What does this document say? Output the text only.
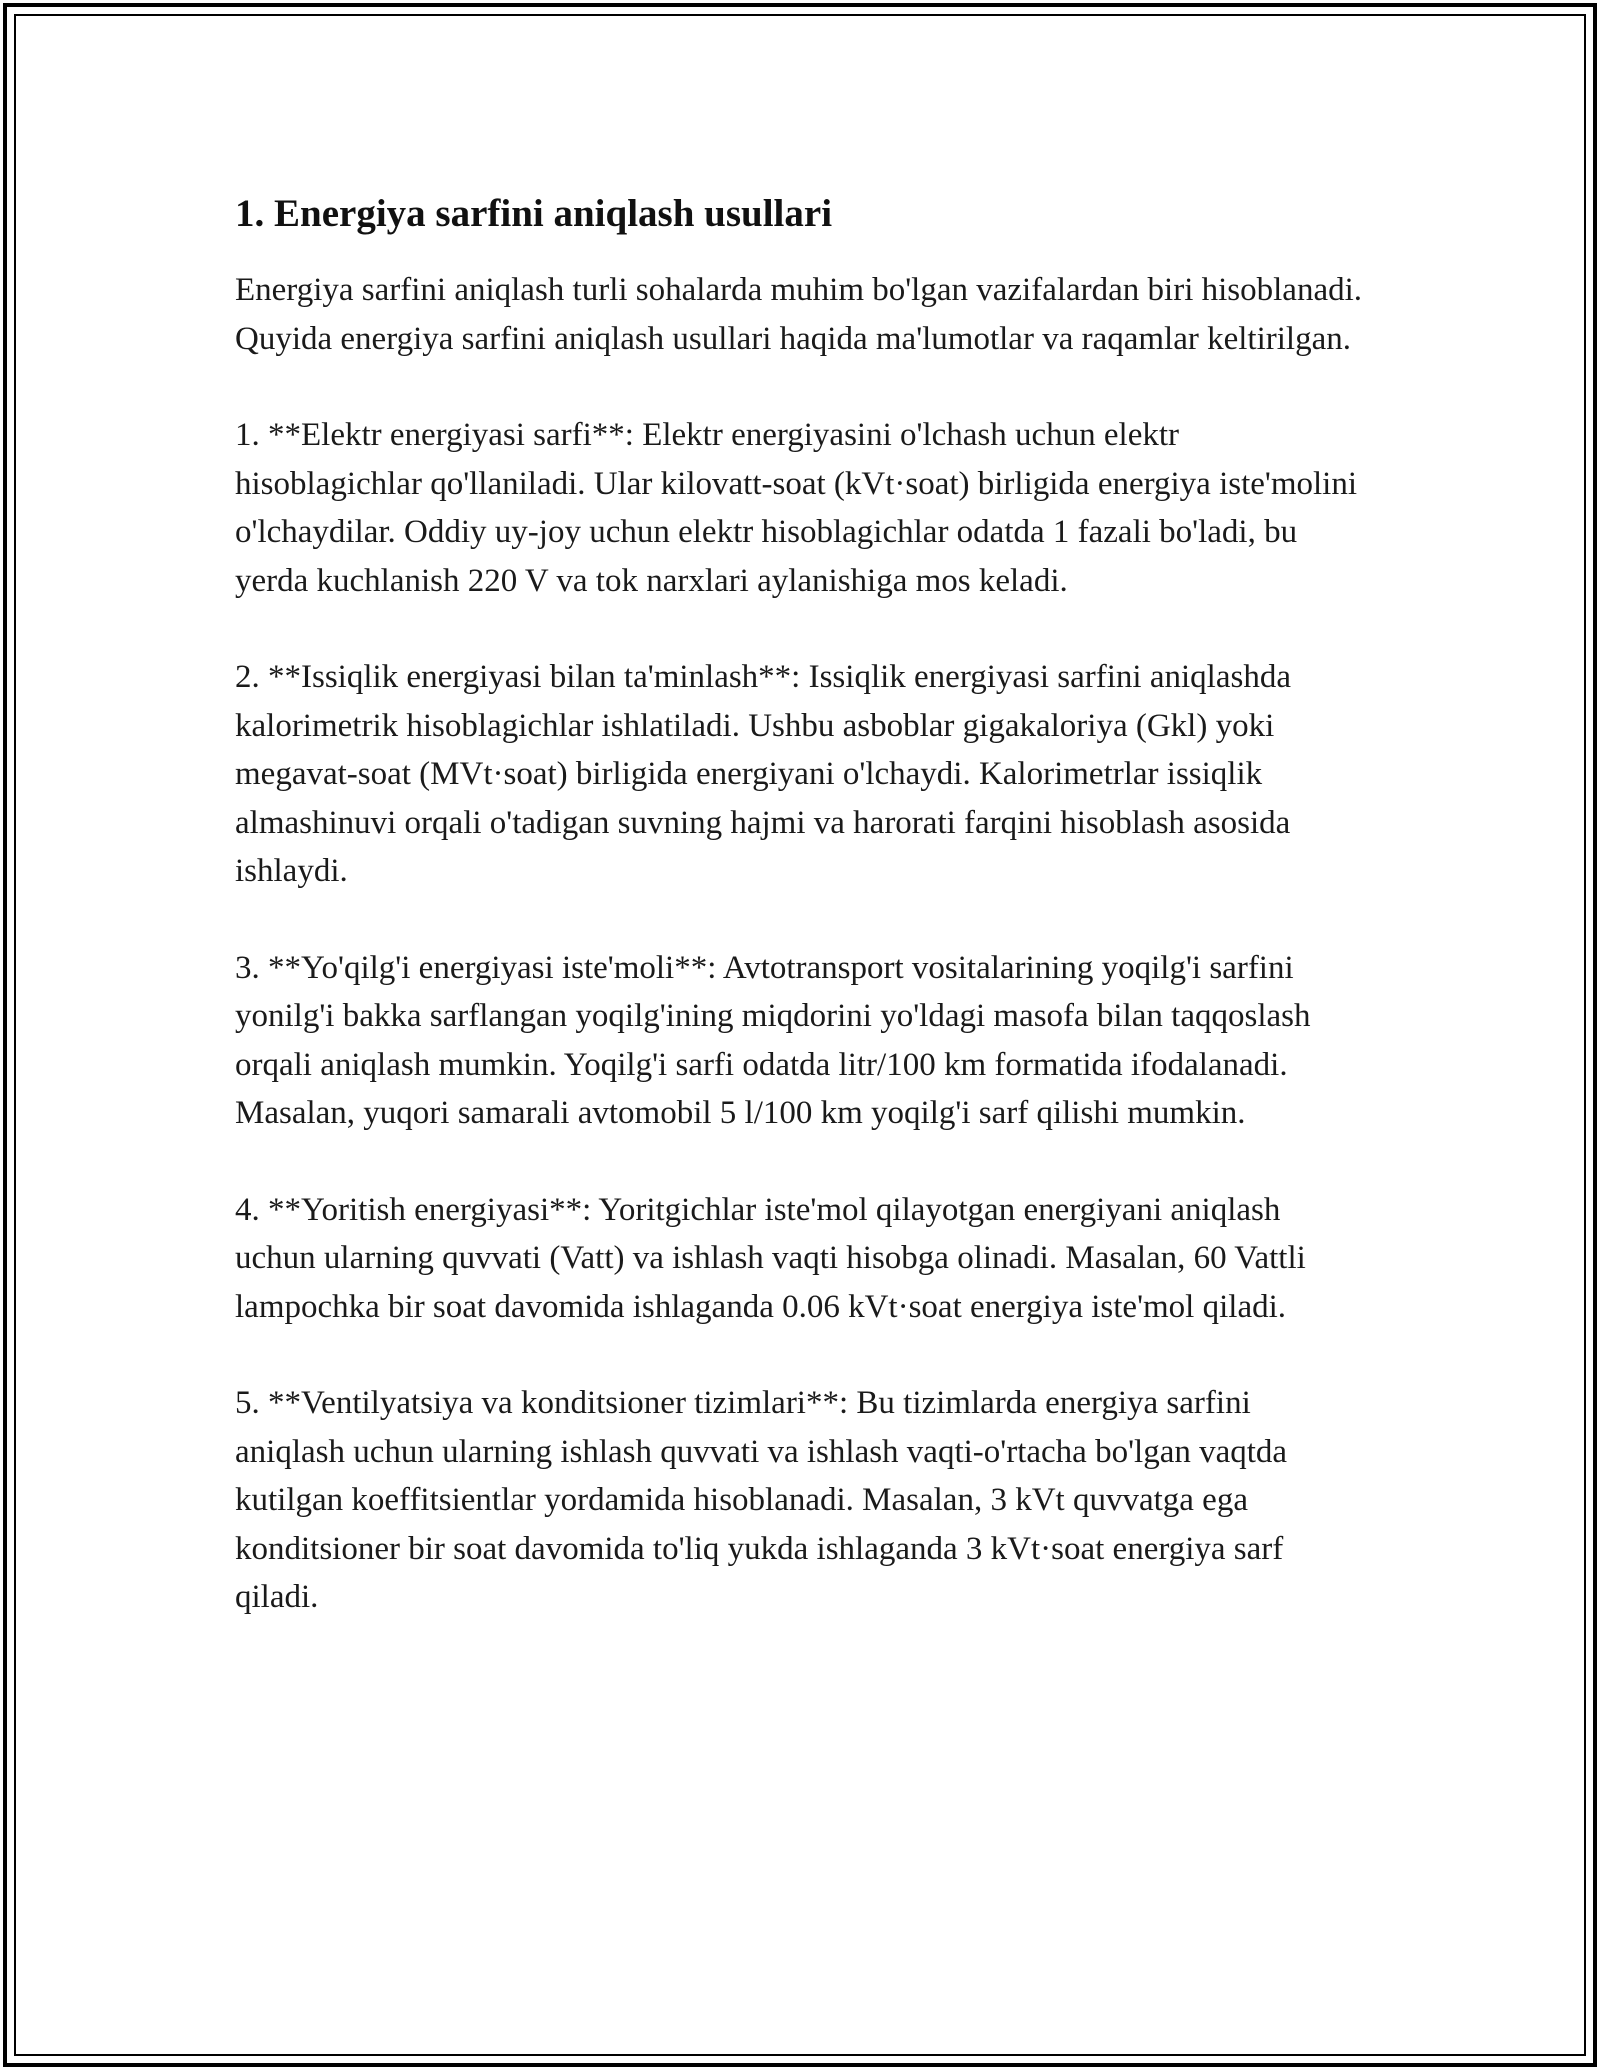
1. Energiya sarfini aniqlash usullari

Energiya sarfini aniqlash turli sohalarda muhim bo'lgan vazifalardan biri hisoblanadi. Quyida energiya sarfini aniqlash usullari haqida ma'lumotlar va raqamlar keltirilgan.

1. **Elektr energiyasi sarfi**: Elektr energiyasini o'lchash uchun elektr hisoblagichlar qo'llaniladi. Ular kilovatt-soat (kVt·soat) birligida energiya iste'molini o'lchaydilar. Oddiy uy-joy uchun elektr hisoblagichlar odatda 1 fazali bo'ladi, bu yerda kuchlanish 220 V va tok narxlari aylanishiga mos keladi.

2. **Issiqlik energiyasi bilan ta'minlash**: Issiqlik energiyasi sarfini aniqlashda kalorimetrik hisoblagichlar ishlatiladi. Ushbu asboblar gigakaloriya (Gkl) yoki megavat-soat (MVt·soat) birligida energiyani o'lchaydi. Kalorimetrlar issiqlik almashinuvi orqali o'tadigan suvning hajmi va harorati farqini hisoblash asosida ishlaydi.

3. **Yo'qilg'i energiyasi iste'moli**: Avtotransport vositalarining yoqilg'i sarfini yonilg'i bakka sarflangan yoqilg'ining miqdorini yo'ldagi masofa bilan taqqoslash orqali aniqlash mumkin. Yoqilg'i sarfi odatda litr/100 km formatida ifodalanadi. Masalan, yuqori samarali avtomobil 5 l/100 km yoqilg'i sarf qilishi mumkin.

4. **Yoritish energiyasi**: Yoritgichlar iste'mol qilayotgan energiyani aniqlash uchun ularning quvvati (Vatt) va ishlash vaqti hisobga olinadi. Masalan, 60 Vattli lampochka bir soat davomida ishlaganda 0.06 kVt·soat energiya iste'mol qiladi.

5. **Ventilyatsiya va konditsioner tizimlari**: Bu tizimlarda energiya sarfini aniqlash uchun ularning ishlash quvvati va ishlash vaqti-o'rtacha bo'lgan vaqtda kutilgan koeffitsientlar yordamida hisoblanadi. Masalan, 3 kVt quvvatga ega konditsioner bir soat davomida to'liq yukda ishlaganda 3 kVt·soat energiya sarf qiladi.
